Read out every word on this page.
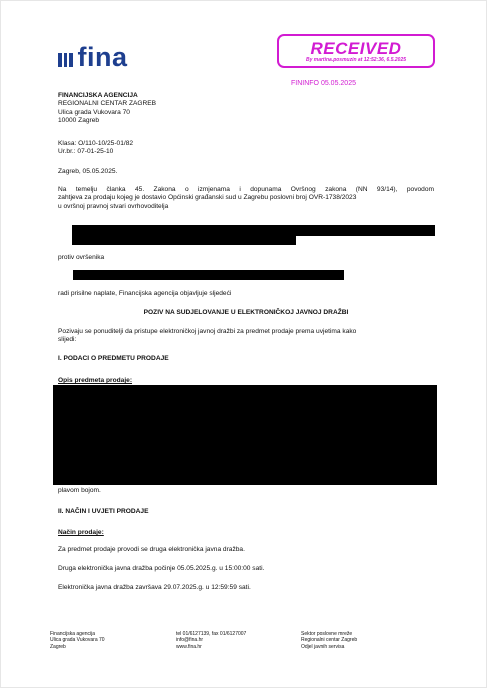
fina	RECEIVED
By martina.posmuzin at 12:52:36, 6.5.2025
FININFO 05.05.2025
FINANCIJSKA AGENCIJA
REGIONALNI CENTAR ZAGREB
Ulica grada Vukovara 70
10000 Zagreb
Klasa: O/110-10/25-01/82
Ur.br.: 07-01-25-10
Zagreb, 05.05.2025.
Na temelju članka 45. Zakona o izmjenama i dopunama Ovršnog zakona (NN 93/14), povodom
zahtjeva za prodaju kojeg je dostavio Općinski građanski sud u Zagrebu poslovni broj OVR-1738/2023
u ovršnoj pravnoj stvari ovrhovoditelja
protiv ovršenika
radi prisilne naplate, Financijska agencija objavljuje sljedeći
POZIV NA SUDJELOVANJE U ELEKTRONIČKOJ JAVNOJ DRAŽBI
Pozivaju se ponuditelji da pristupe elektroničkoj javnoj dražbi za predmet prodaje prema uvjetima kako
slijedi:
I. PODACI O PREDMETU PRODAJE
Opis predmeta prodaje:
plavom bojom.
II. NAČIN I UVJETI PRODAJE
Način prodaje:
Za predmet prodaje provodi se druga elektronička javna dražba.
Druga elektronička javna dražba počinje 05.05.2025.g. u 15:00:00 sati.
Elektronička javna dražba završava 29.07.2025.g. u 12:59:59 sati.
Financijska agencija
Ulica grada Vukovara 70
Zagreb
tel 01/6127139, fax 01/6127007
info@fina.hr
www.fina.hr
Sektor poslovne mreže
Regionalni centar Zagreb
Odjel javnih servisa
